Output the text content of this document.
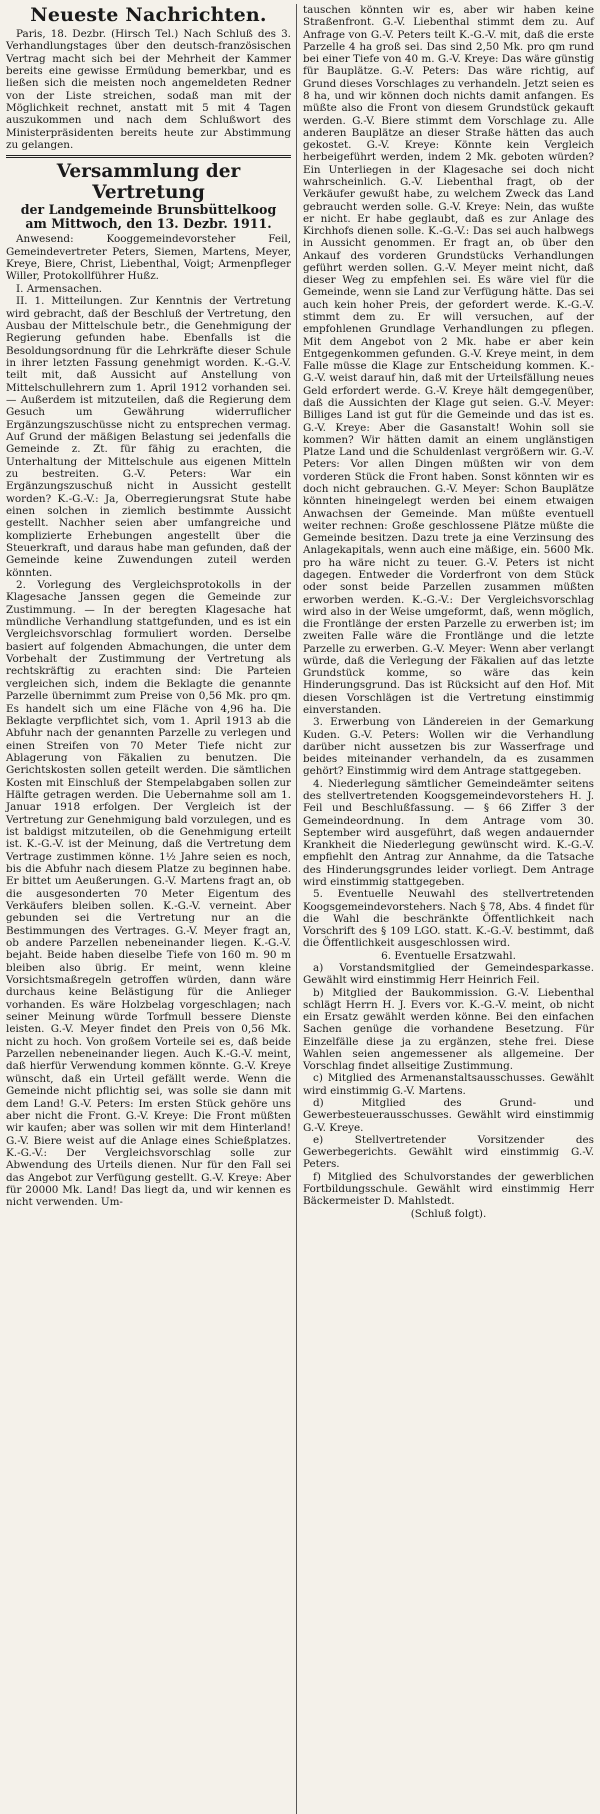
Neueste Nachrichten.

Paris, 18. Dezbr. (Hirsch Tel.) Nach Schluß des 3. Verhandlungstages über den deutsch-französischen Vertrag macht sich bei der Mehrheit der Kammer bereits eine gewisse Ermüdung bemerkbar, und es ließen sich die meisten noch angemeldeten Redner von der Liste streichen, sodaß man mit der Möglichkeit rechnet, anstatt mit 5 mit 4 Tagen auszukommen und nach dem Schlußwort des Ministerpräsidenten bereits heute zur Abstimmung zu gelangen.

Versammlung der Vertretung
der Landgemeinde Brunsbüttelkoog
am Mittwoch, den 13. Dezbr. 1911.

Anwesend: Kooggemeindevorsteher Feil, Gemeindevertreter Peters, Siemen, Martens, Meyer, Kreye, Biere, Christ, Liebenthal, Voigt; Armenpfleger Willer, Protokollführer Hußz.

I. Armensachen.

II. 1. Mitteilungen. Zur Kenntnis der Vertretung wird gebracht, daß der Beschluß der Vertretung, den Ausbau der Mittelschule betr., die Genehmigung der Regierung gefunden habe. Ebenfalls ist die Besoldungsordnung für die Lehrkräfte dieser Schule in ihrer letzten Fassung genehmigt worden. K.-G.-V. teilt mit, daß Aussicht auf Anstellung von Mittelschullehrern zum 1. April 1912 vorhanden sei. — Außerdem ist mitzuteilen, daß die Regierung dem Gesuch um Gewährung widerruflicher Ergänzungszuschüsse nicht zu entsprechen vermag. Auf Grund der mäßigen Belastung sei jedenfalls die Gemeinde z. Zt. für fähig zu erachten, die Unterhaltung der Mittelschule aus eigenen Mitteln zu bestreiten. G.-V. Peters: War ein Ergänzungszuschuß nicht in Aussicht gestellt worden? K.-G.-V.: Ja, Oberregierungsrat Stute habe einen solchen in ziemlich bestimmte Aussicht gestellt. Nachher seien aber umfangreiche und komplizierte Erhebungen angestellt über die Steuerkraft, und daraus habe man gefunden, daß der Gemeinde keine Zuwendungen zuteil werden könnten.

2. Vorlegung des Vergleichsprotokolls in der Klagesache Janssen gegen die Gemeinde zur Zustimmung. — In der beregten Klagesache hat mündliche Verhandlung stattgefunden, und es ist ein Vergleichsvorschlag formuliert worden. Derselbe basiert auf folgenden Abmachungen, die unter dem Vorbehalt der Zustimmung der Vertretung als rechtskräftig zu erachten sind: Die Parteien vergleichen sich, indem die Beklagte die genannte Parzelle übernimmt zum Preise von 0,56 Mk. pro qm. Es handelt sich um eine Fläche von 4,96 ha. Die Beklagte verpflichtet sich, vom 1. April 1913 ab die Abfuhr nach der genannten Parzelle zu verlegen und einen Streifen von 70 Meter Tiefe nicht zur Ablagerung von Fäkalien zu benutzen. Die Gerichtskosten sollen geteilt werden. Die sämtlichen Kosten mit Einschluß der Stempelabgaben sollen zur Hälfte getragen werden. Die Uebernahme soll am 1. Januar 1918 erfolgen. Der Vergleich ist der Vertretung zur Genehmigung bald vorzulegen, und es ist baldigst mitzuteilen, ob die Genehmigung erteilt ist. K.-G.-V. ist der Meinung, daß die Vertretung dem Vertrage zustimmen könne. 1½ Jahre seien es noch, bis die Abfuhr nach diesem Platze zu beginnen habe. Er bittet um Aeußerungen. G.-V. Martens fragt an, ob die ausgesonderten 70 Meter Eigentum des Verkäufers bleiben sollen. K.-G.-V. verneint. Aber gebunden sei die Vertretung nur an die Bestimmungen des Vertrages. G.-V. Meyer fragt an, ob andere Parzellen nebeneinander liegen. K.-G.-V. bejaht. Beide haben dieselbe Tiefe von 160 m. 90 m bleiben also übrig. Er meint, wenn kleine Vorsichtsmaßregeln getroffen würden, dann wäre durchaus keine Belästigung für die Anlieger vorhanden. Es wäre Holzbelag vorgeschlagen; nach seiner Meinung würde Torfmull bessere Dienste leisten. G.-V. Meyer findet den Preis von 0,56 Mk. nicht zu hoch. Von großem Vorteile sei es, daß beide Parzellen nebeneinander liegen. Auch K.-G.-V. meint, daß hierfür Verwendung kommen könnte. G.-V. Kreye wünscht, daß ein Urteil gefällt werde. Wenn die Gemeinde nicht pflichtig sei, was solle sie dann mit dem Land! G.-V. Peters: Im ersten Stück gehöre uns aber nicht die Front. G.-V. Kreye: Die Front müßten wir kaufen; aber was sollen wir mit dem Hinterland! G.-V. Biere weist auf die Anlage eines Schießplatzes. K.-G.-V.: Der Vergleichsvorschlag solle zur Abwendung des Urteils dienen. Nur für den Fall sei das Angebot zur Verfügung gestellt. G.-V. Kreye: Aber für 20000 Mk. Land! Das liegt da, und wir kennen es nicht verwenden. Um-

tauschen könnten wir es, aber wir haben keine Straßenfront. G.-V. Liebenthal stimmt dem zu. Auf Anfrage von G.-V. Peters teilt K.-G.-V. mit, daß die erste Parzelle 4 ha groß sei. Das sind 2,50 Mk. pro qm rund bei einer Tiefe von 40 m. G.-V. Kreye: Das wäre günstig für Bauplätze. G.-V. Peters: Das wäre richtig, auf Grund dieses Vorschlages zu verhandeln. Jetzt seien es 8 ha, und wir können doch nichts damit anfangen. Es müßte also die Front von diesem Grundstück gekauft werden. G.-V. Biere stimmt dem Vorschlage zu. Alle anderen Bauplätze an dieser Straße hätten das auch gekostet. G.-V. Kreye: Könnte kein Vergleich herbeigeführt werden, indem 2 Mk. geboten würden? Ein Unterliegen in der Klagesache sei doch nicht wahrscheinlich. G.-V. Liebenthal fragt, ob der Verkäufer gewußt habe, zu welchem Zweck das Land gebraucht werden solle. G.-V. Kreye: Nein, das wußte er nicht. Er habe geglaubt, daß es zur Anlage des Kirchhofs dienen solle. K.-G.-V.: Das sei auch halbwegs in Aussicht genommen. Er fragt an, ob über den Ankauf des vorderen Grundstücks Verhandlungen geführt werden sollen. G.-V. Meyer meint nicht, daß dieser Weg zu empfehlen sei. Es wäre viel für die Gemeinde, wenn sie Land zur Verfügung hätte. Das sei auch kein hoher Preis, der gefordert werde. K.-G.-V. stimmt dem zu. Er will versuchen, auf der empfohlenen Grundlage Verhandlungen zu pflegen. Mit dem Angebot von 2 Mk. habe er aber kein Entgegenkommen gefunden. G.-V. Kreye meint, in dem Falle müsse die Klage zur Entscheidung kommen. K.-G.-V. weist darauf hin, daß mit der Urteilsfällung neues Geld erfordert werde. G.-V. Kreye hält demgegenüber, daß die Aussichten der Klage gut seien. G.-V. Meyer: Billiges Land ist gut für die Gemeinde und das ist es. G.-V. Kreye: Aber die Gasanstalt! Wohin soll sie kommen? Wir hätten damit an einem unglänstigen Platze Land und die Schuldenlast vergrößern wir. G.-V. Peters: Vor allen Dingen müßten wir von dem vorderen Stück die Front haben. Sonst könnten wir es doch nicht gebrauchen. G.-V. Meyer: Schon Bauplätze könnten hineingelegt werden bei einem etwaigen Anwachsen der Gemeinde. Man müßte eventuell weiter rechnen: Große geschlossene Plätze müßte die Gemeinde besitzen. Dazu trete ja eine Verzinsung des Anlagekapitals, wenn auch eine mäßige, ein. 5600 Mk. pro ha wäre nicht zu teuer. G.-V. Peters ist nicht dagegen. Entweder die Vorderfront von dem Stück oder sonst beide Parzellen zusammen müßten erworben werden. K.-G.-V.: Der Vergleichsvorschlag wird also in der Weise umgeformt, daß, wenn möglich, die Frontlänge der ersten Parzelle zu erwerben ist; im zweiten Falle wäre die Frontlänge und die letzte Parzelle zu erwerben. G.-V. Meyer: Wenn aber verlangt würde, daß die Verlegung der Fäkalien auf das letzte Grundstück komme, so wäre das kein Hinderungsgrund. Das ist Rücksicht auf den Hof. Mit diesen Vorschlägen ist die Vertretung einstimmig einverstanden.

3. Erwerbung von Ländereien in der Gemarkung Kuden. G.-V. Peters: Wollen wir die Verhandlung darüber nicht aussetzen bis zur Wasserfrage und beides miteinander verhandeln, da es zusammen gehört? Einstimmig wird dem Antrage stattgegeben.

4. Niederlegung sämtlicher Gemeindeämter seitens des stellvertretenden Koogsgemeindevorstehers H. J. Feil und Beschlußfassung. — § 66 Ziffer 3 der Gemeindeordnung. In dem Antrage vom 30. September wird ausgeführt, daß wegen andauernder Krankheit die Niederlegung gewünscht wird. K.-G.-V. empfiehlt den Antrag zur Annahme, da die Tatsache des Hinderungsgrundes leider vorliegt. Dem Antrage wird einstimmig stattgegeben.

5. Eventuelle Neuwahl des stellvertretenden Koogsgemeindevorstehers. Nach § 78, Abs. 4 findet für die Wahl die beschränkte Öffentlichkeit nach Vorschrift des § 109 LGO. statt. K.-G.-V. bestimmt, daß die Öffentlichkeit ausgeschlossen wird.

6. Eventuelle Ersatzwahl.

a) Vorstandsmitglied der Gemeindesparkasse. Gewählt wird einstimmig Herr Heinrich Feil.

b) Mitglied der Baukommission. G.-V. Liebenthal schlägt Herrn H. J. Evers vor. K.-G.-V. meint, ob nicht ein Ersatz gewählt werden könne. Bei den einfachen Sachen genüge die vorhandene Besetzung. Für Einzelfälle diese ja zu ergänzen, stehe frei. Diese Wahlen seien angemessener als allgemeine. Der Vorschlag findet allseitige Zustimmung.

c) Mitglied des Armenanstaltsausschusses. Gewählt wird einstimmig G.-V. Martens.

d) Mitglied des Grund- und Gewerbesteuerausschusses. Gewählt wird einstimmig G.-V. Kreye.

e) Stellvertretender Vorsitzender des Gewerbegerichts. Gewählt wird einstimmig G.-V. Peters.

f) Mitglied des Schulvorstandes der gewerblichen Fortbildungsschule. Gewählt wird einstimmig Herr Bäckermeister D. Mahlstedt.

(Schluß folgt).
